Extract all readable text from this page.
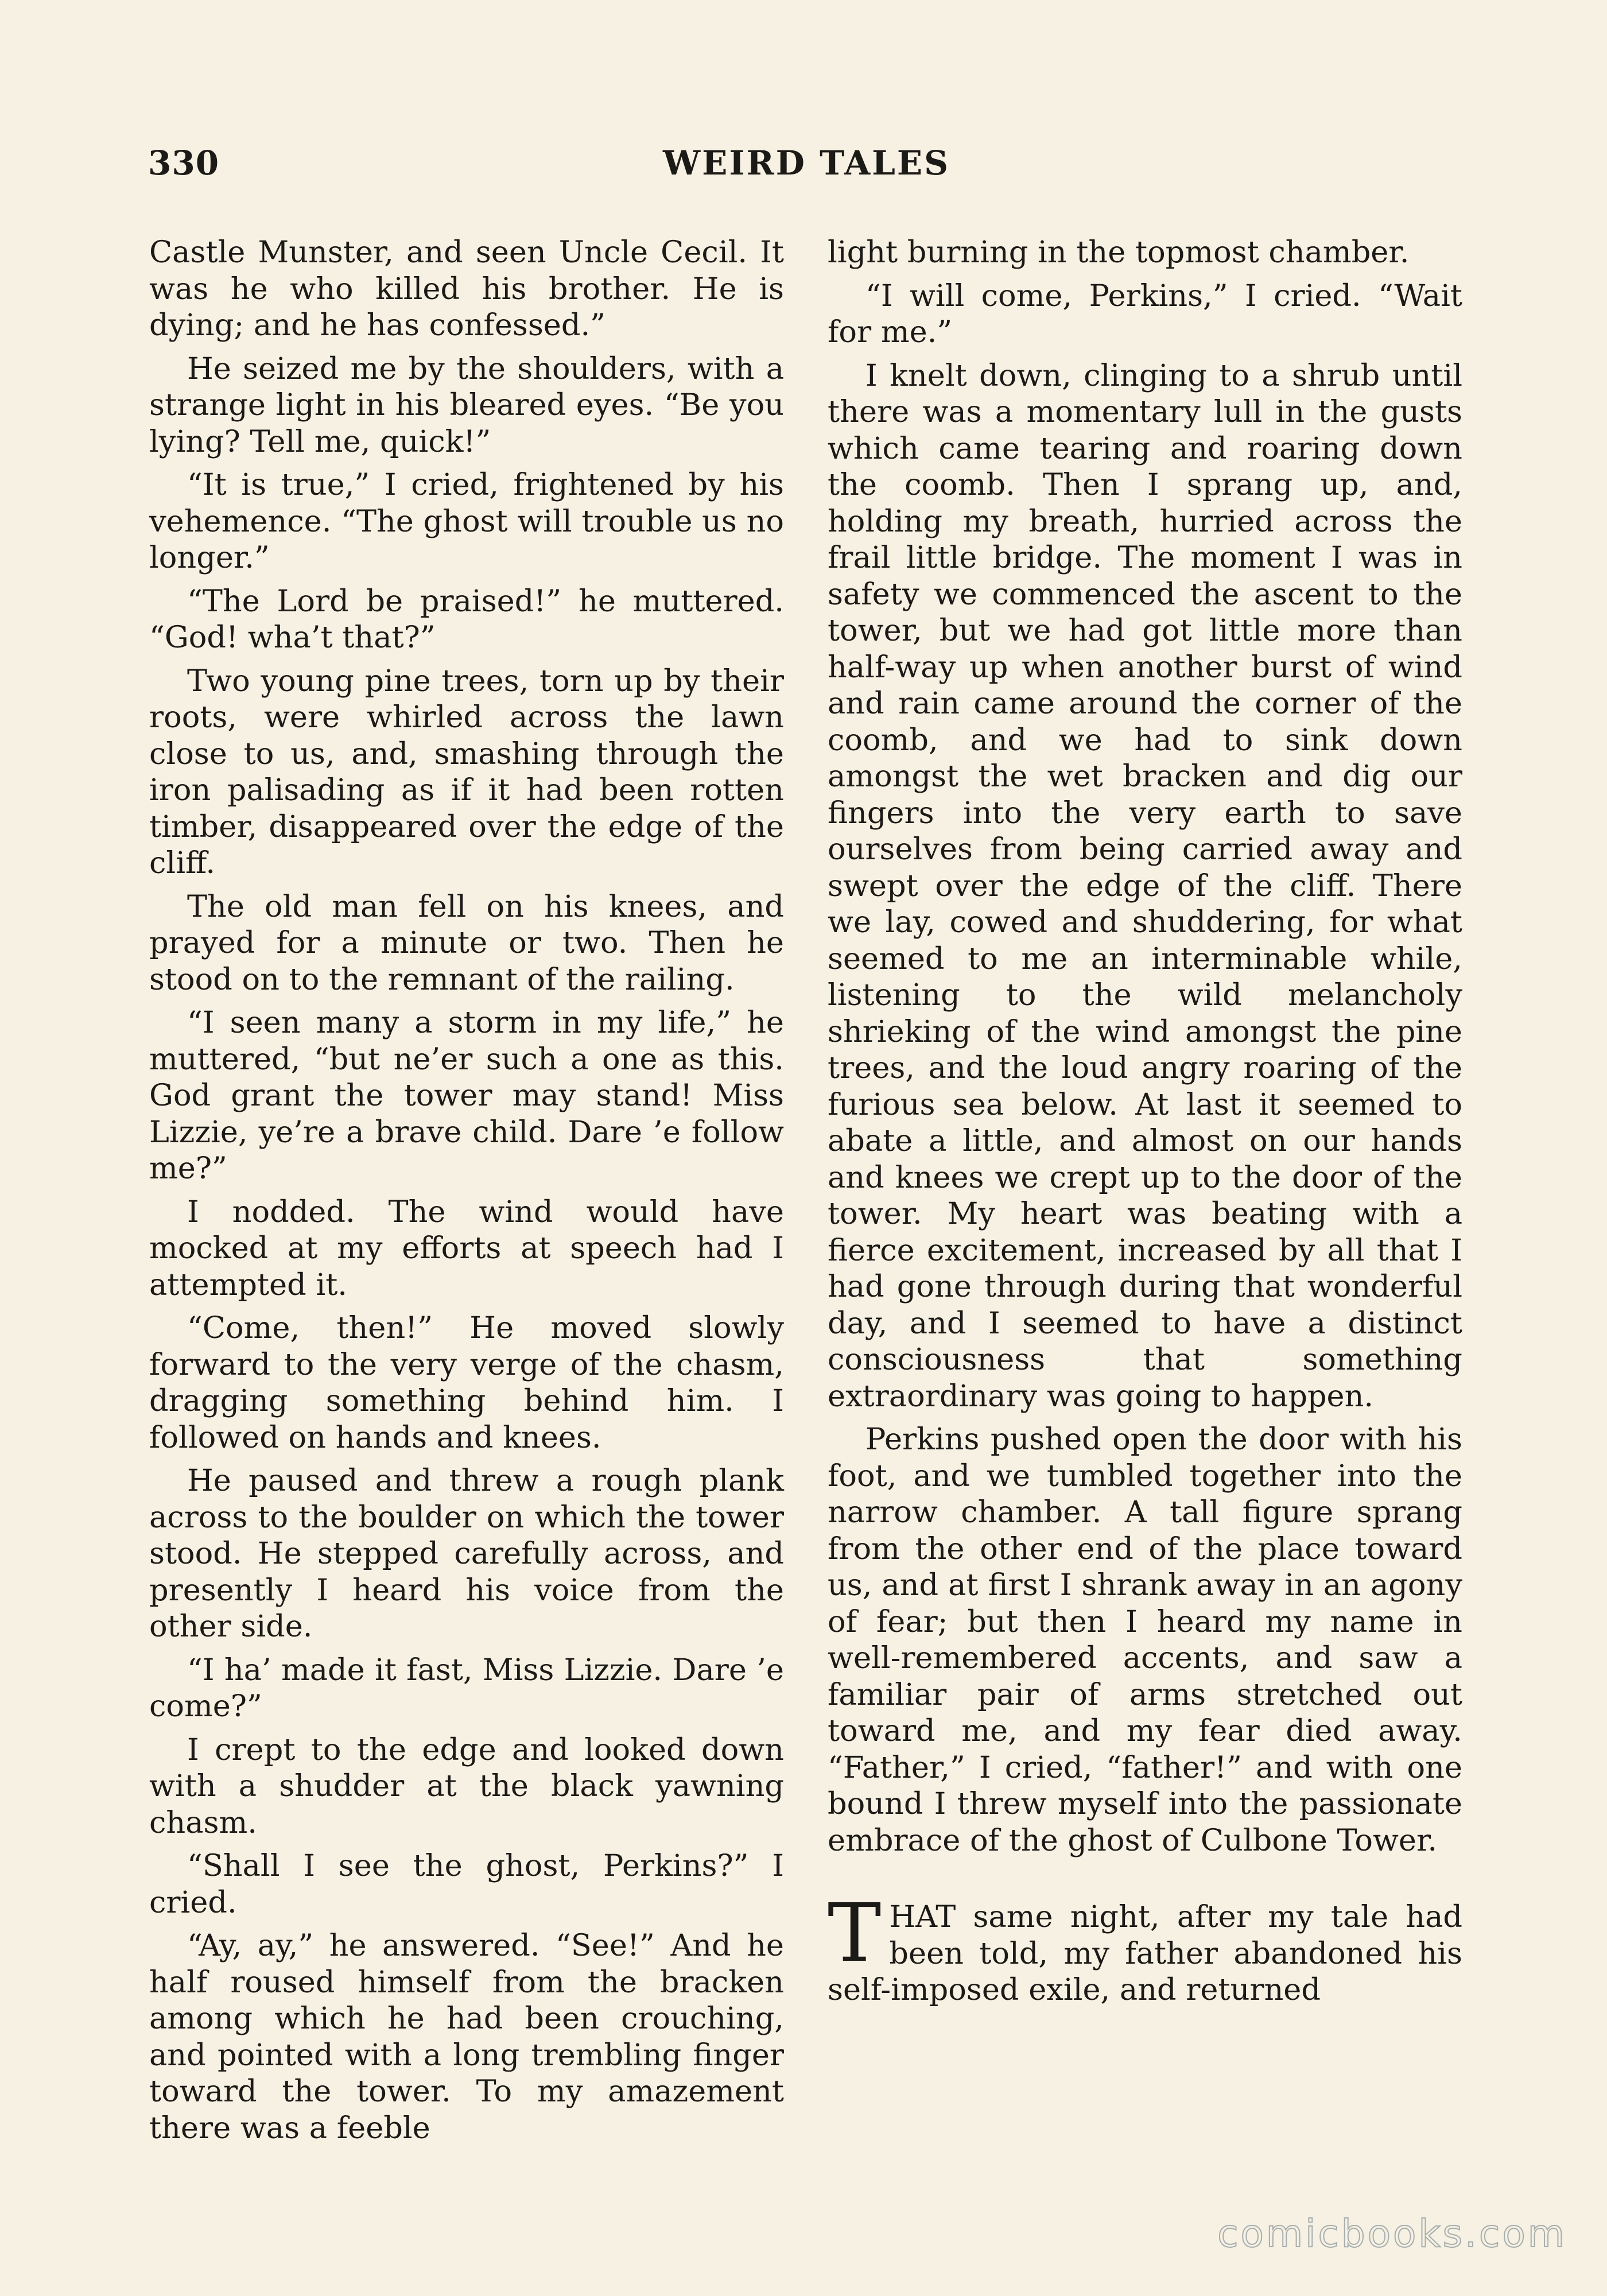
330	WEIRD TALES

Castle Munster, and seen Uncle Cecil. It was he who killed his brother. He is dying; and he has confessed.”

He seized me by the shoulders, with a strange light in his bleared eyes. “Be you lying? Tell me, quick!”

“It is true,” I cried, frightened by his vehemence. “The ghost will trouble us no longer.”

“The Lord be praised!” he muttered. “God! wha’t that?”

Two young pine trees, torn up by their roots, were whirled across the lawn close to us, and, smashing through the iron palisading as if it had been rotten timber, disappeared over the edge of the cliff.

The old man fell on his knees, and prayed for a minute or two. Then he stood on to the remnant of the railing.

“I seen many a storm in my life,” he muttered, “but ne’er such a one as this. God grant the tower may stand! Miss Lizzie, ye’re a brave child. Dare ’e follow me?”

I nodded. The wind would have mocked at my efforts at speech had I attempted it.

“Come, then!” He moved slowly forward to the very verge of the chasm, dragging something behind him. I followed on hands and knees.

He paused and threw a rough plank across to the boulder on which the tower stood. He stepped carefully across, and presently I heard his voice from the other side.

“I ha’ made it fast, Miss Lizzie. Dare ’e come?”

I crept to the edge and looked down with a shudder at the black yawning chasm.

“Shall I see the ghost, Perkins?” I cried.

“Ay, ay,” he answered. “See!” And he half roused himself from the bracken among which he had been crouching, and pointed with a long trembling finger toward the tower. To my amazement there was a feeble

light burning in the topmost chamber.

“I will come, Perkins,” I cried. “Wait for me.”

I knelt down, clinging to a shrub until there was a momentary lull in the gusts which came tearing and roaring down the coomb. Then I sprang up, and, holding my breath, hurried across the frail little bridge. The moment I was in safety we commenced the ascent to the tower, but we had got little more than half-way up when another burst of wind and rain came around the corner of the coomb, and we had to sink down amongst the wet bracken and dig our fingers into the very earth to save ourselves from being carried away and swept over the edge of the cliff. There we lay, cowed and shuddering, for what seemed to me an interminable while, listening to the wild melancholy shrieking of the wind amongst the pine trees, and the loud angry roaring of the furious sea below. At last it seemed to abate a little, and almost on our hands and knees we crept up to the door of the tower. My heart was beating with a fierce excitement, increased by all that I had gone through during that wonderful day, and I seemed to have a distinct consciousness that something extraordinary was going to happen.

Perkins pushed open the door with his foot, and we tumbled together into the narrow chamber. A tall figure sprang from the other end of the place toward us, and at first I shrank away in an agony of fear; but then I heard my name in well-remembered accents, and saw a familiar pair of arms stretched out toward me, and my fear died away. “Father,” I cried, “father!” and with one bound I threw myself into the passionate embrace of the ghost of Culbone Tower.

THAT same night, after my tale had been told, my father abandoned his self-imposed exile, and returned

comicbooks.com
